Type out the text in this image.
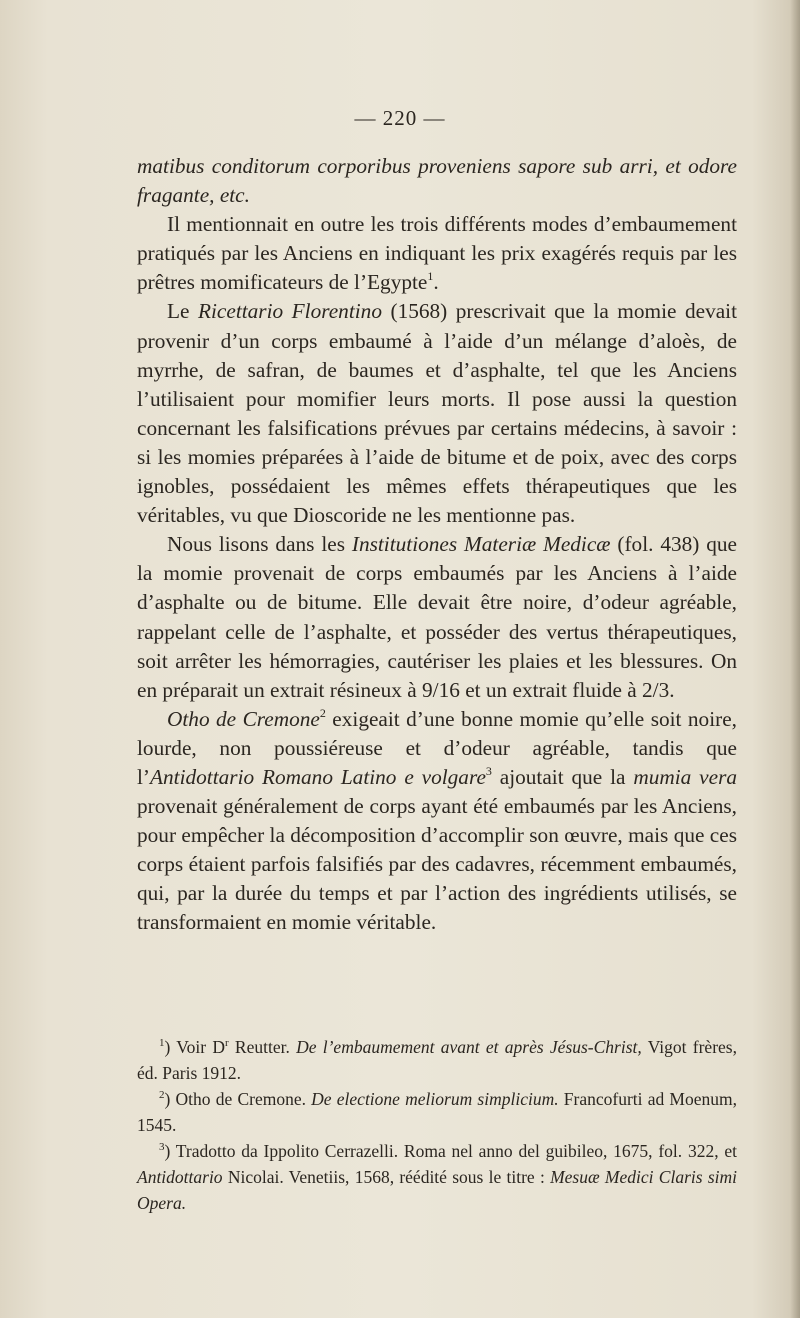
— 220 —

matibus conditorum corporibus proveniens sapore sub arri, et odore fragante, etc.

Il mentionnait en outre les trois différents modes d’embaumement pratiqués par les Anciens en indiquant les prix exagérés requis par les prêtres momificateurs de l’Egypte$^1$.

Le Ricettario Florentino (1568) prescrivait que la momie devait provenir d’un corps embaumé à l’aide d’un mélange d’aloès, de myrrhe, de safran, de baumes et d’asphalte, tel que les Anciens l’utilisaient pour momifier leurs morts. Il pose aussi la question concernant les falsifications prévues par certains médecins, à savoir : si les momies préparées à l’aide de bitume et de poix, avec des corps ignobles, possédaient les mêmes effets thérapeutiques que les véritables, vu que Dioscoride ne les mentionne pas.

Nous lisons dans les Institutiones Materiæ Medicæ (fol. 438) que la momie provenait de corps embaumés par les Anciens à l’aide d’asphalte ou de bitume. Elle devait être noire, d’odeur agréable, rappelant celle de l’asphalte, et posséder des vertus thérapeutiques, soit arrêter les hémorragies, cautériser les plaies et les blessures. On en préparait un extrait résineux à 9/16 et un extrait fluide à 2/3.

Otho de Cremone$^2$ exigeait d’une bonne momie qu’elle soit noire, lourde, non poussiéreuse et d’odeur agréable, tandis que l’Antidottario Romano Latino e volgare$^3$ ajoutait que la mumia vera provenait généralement de corps ayant été embaumés par les Anciens, pour empêcher la décomposition d’accomplir son œuvre, mais que ces corps étaient parfois falsifiés par des cadavres, récemment embaumés, qui, par la durée du temps et par l’action des ingrédients utilisés, se transformaient en momie véritable.

$^1$) Voir $D^r$ Reutter. De l’embaumement avant et après Jésus-Christ, Vigot frères, éd. Paris 1912.

$^2$) Otho de Cremone. De electione meliorum simplicium. Francofurti ad Moenum, 1545.

$^3$) Tradotto da Ippolito Cerrazelli. Roma nel anno del guibileo, 1675, fol. 322, et Antidottario Nicolai. Venetiis, 1568, réédité sous le titre : Mesuæ Medici Claris simi Opera.
